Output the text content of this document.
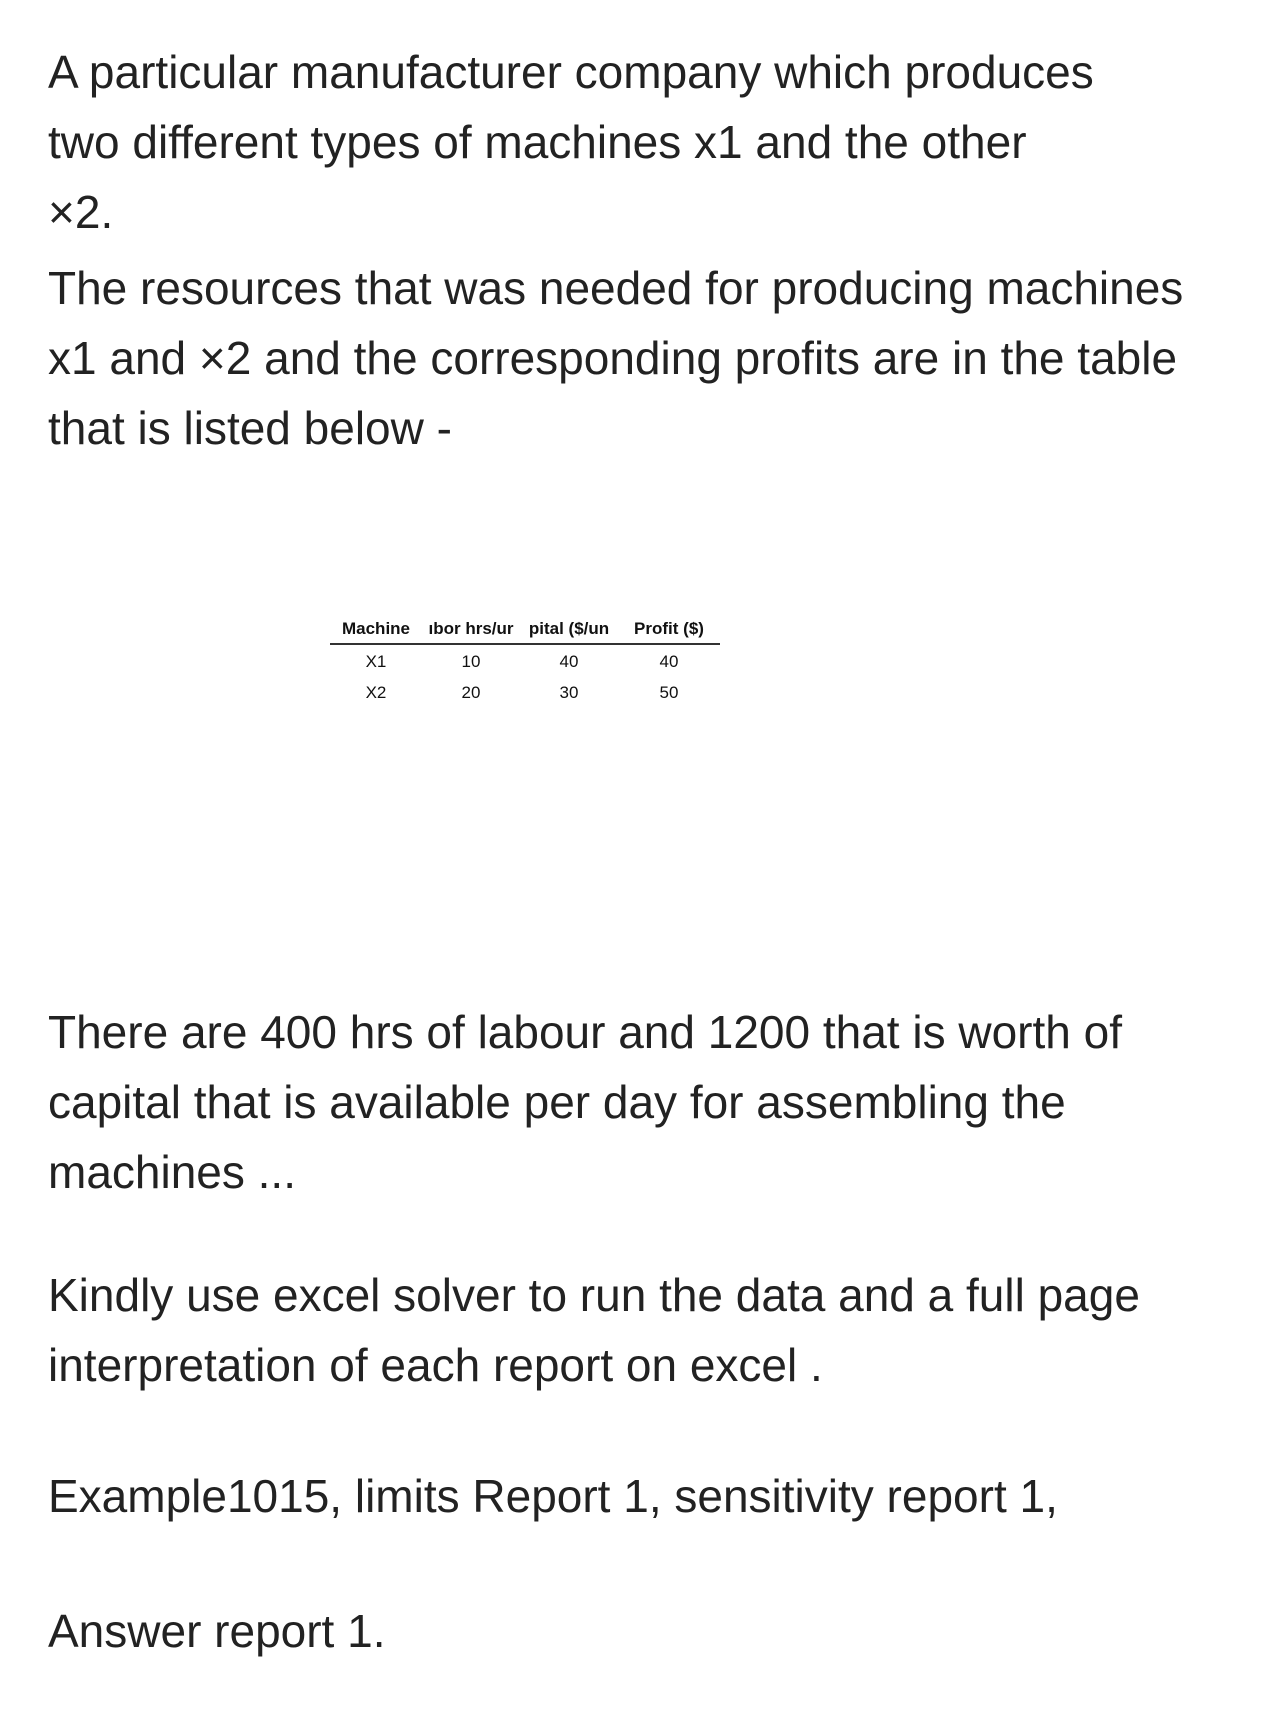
A particular manufacturer company which produces
two different types of machines x1 and the other
×2.

The resources that was needed for producing machines
x1 and ×2 and the corresponding profits are in the table
that is listed below -

Machine	ıbor hrs/ur	pital ($/un	Profit ($)
X1	10	40	40
X2	20	30	50

There are 400 hrs of labour and 1200 that is worth of
capital that is available per day for assembling the
machines ...

Kindly use excel solver to run the data and a full page
interpretation of each report on excel .

Example1015, limits Report 1, sensitivity report 1,

Answer report 1.
